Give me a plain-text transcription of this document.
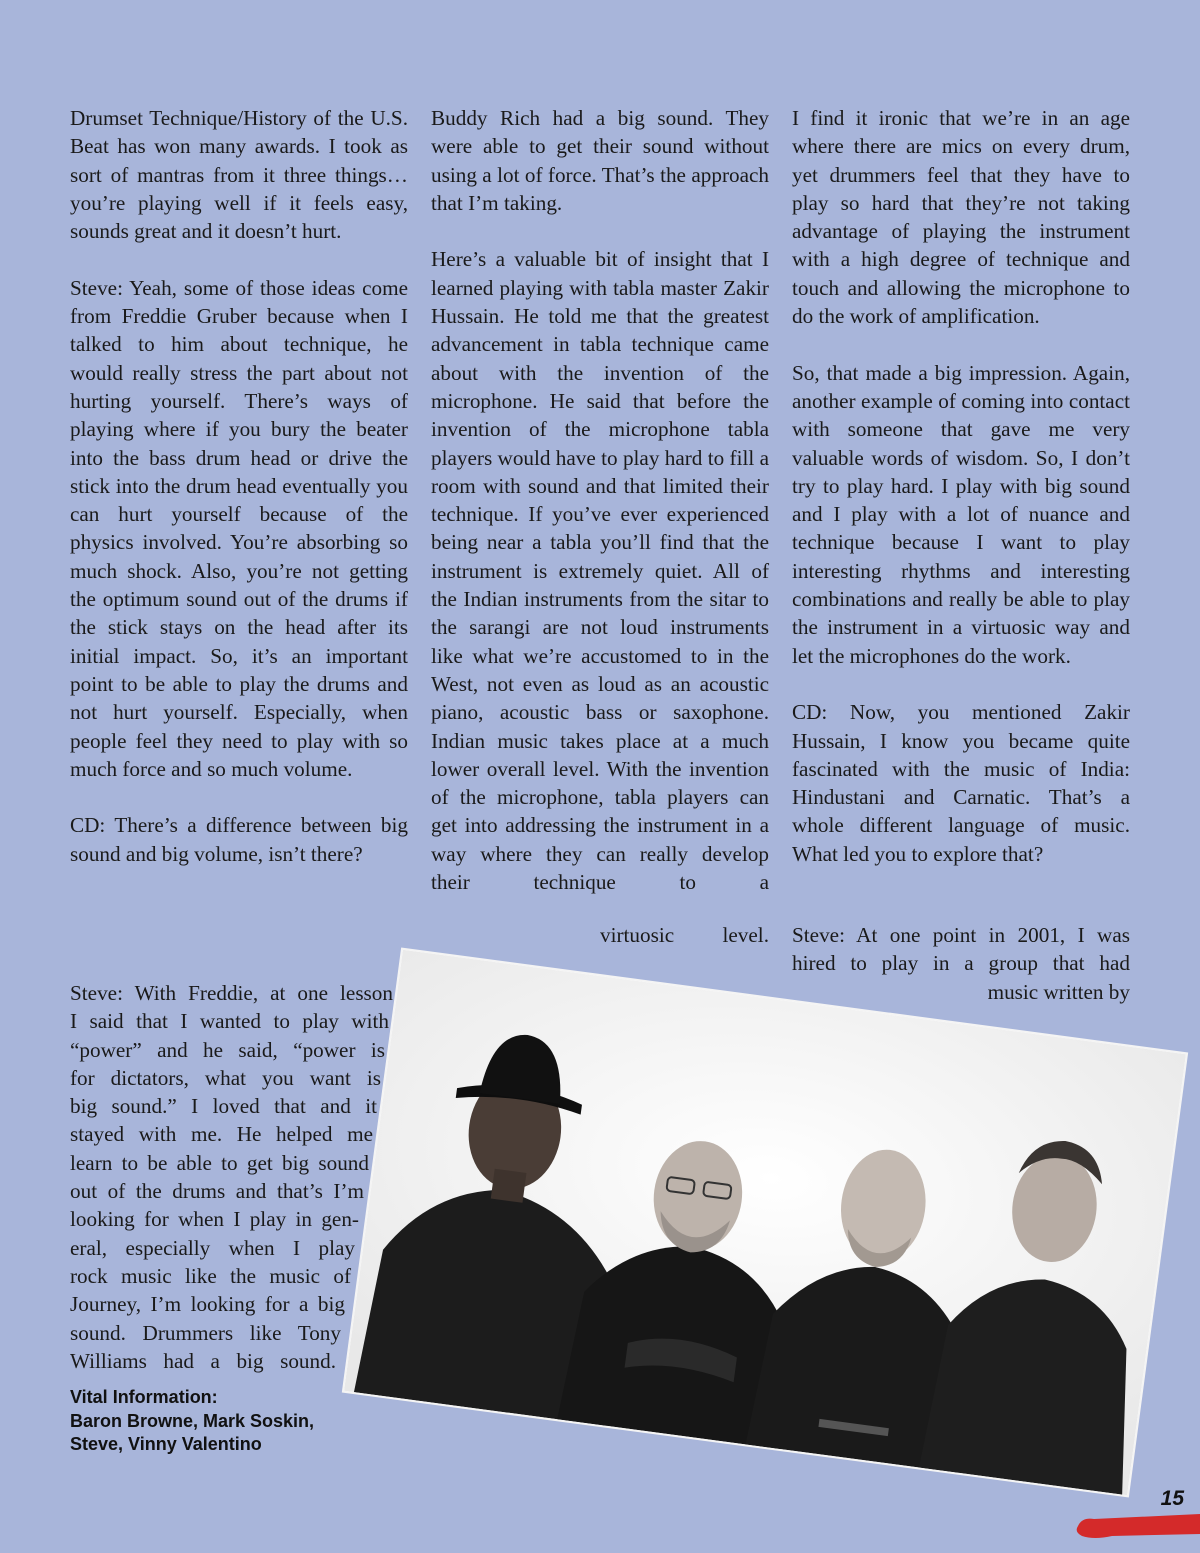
Drumset Technique/History of the U.S. Beat has won many awards. I took as sort of mantras from it three things…you’re playing well if it feels easy, sounds great and it doesn’t hurt.

Steve: Yeah, some of those ideas come from Freddie Gruber because when I talked to him about technique, he would really stress the part about not hurting yourself. There’s ways of playing where if you bury the beater into the bass drum head or drive the stick into the drum head eventually you can hurt yourself because of the physics involved. You’re absorbing so much shock. Also, you’re not getting the optimum sound out of the drums if the stick stays on the head after its initial impact. So, it’s an important point to be able to play the drums and not hurt yourself. Especially, when people feel they need to play with so much force and so much volume.

CD: There’s a difference between big sound and big volume, isn’t there?

Steve: With Freddie, at one lesson
I said that I wanted to play with
“power” and he said, “power is
for dictators, what you want is
big sound.” I loved that and it
stayed with me. He helped me
learn to be able to get big sound
out of the drums and that’s I’m
looking for when I play in gen-
eral, especially when I play
rock music like the music of
Journey, I’m looking for a big
sound. Drummers like Tony
Williams had a big sound.

Buddy Rich had a big sound. They were able to get their sound without using a lot of force. That’s the approach that I’m taking.

Here’s a valuable bit of insight that I learned playing with tabla master Zakir Hussain. He told me that the greatest advancement in tabla technique came about with the invention of the microphone. He said that before the invention of the microphone tabla players would have to play hard to fill a room with sound and that limited their technique. If you’ve ever experienced being near a tabla you’ll find that the instrument is extremely quiet. All of the Indian instruments from the sitar to the sarangi are not loud instruments like what we’re accustomed to in the West, not even as loud as an acoustic piano, acoustic bass or saxophone. Indian music takes place at a much lower overall level. With the invention of the microphone, tabla players can get into addressing the instrument in a way where they can really develop their technique to a

virtuosic level.

I find it ironic that we’re in an age where there are mics on every drum, yet drummers feel that they have to play so hard that they’re not taking advantage of playing the instrument with a high degree of technique and touch and allowing the microphone to do the work of amplification.

So, that made a big impression. Again, another example of coming into contact with someone that gave me very valuable words of wisdom. So, I don’t try to play hard. I play with big sound and I play with a lot of nuance and technique because I want to play interesting rhythms and interesting combinations and really be able to play the instrument in a virtuosic way and let the microphones do the work.

CD: Now, you mentioned Zakir Hussain, I know you became quite fascinated with the music of India: Hindustani and Carnatic. That’s a whole different language of music. What led you to explore that?

Steve: At one point in 2001, I was
hired to play in a group that had
music written by
Vital Information:
Baron Browne, Mark Soskin,
Steve, Vinny Valentino
15
